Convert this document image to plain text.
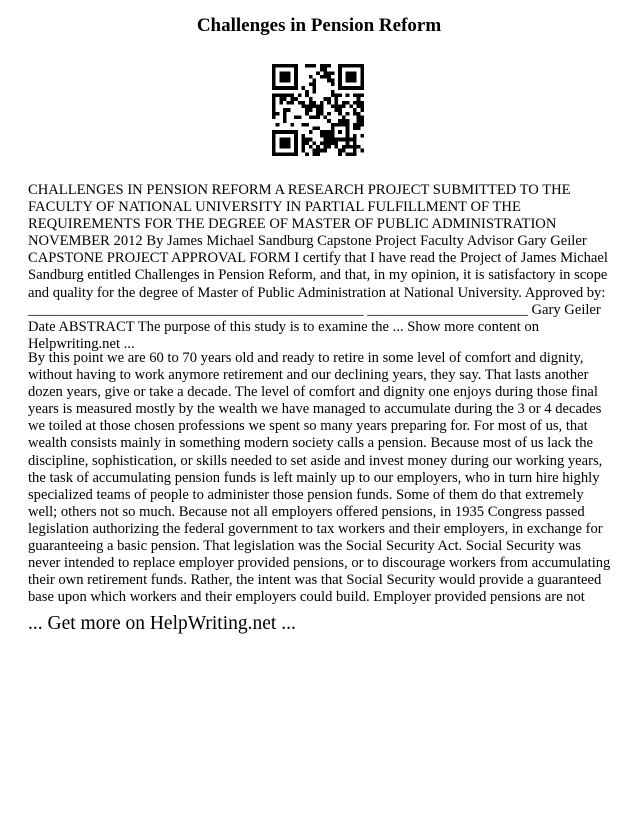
Challenges in Pension Reform

CHALLENGES IN PENSION REFORM A RESEARCH PROJECT SUBMITTED TO THE FACULTY OF NATIONAL UNIVERSITY IN PARTIAL FULFILLMENT OF THE REQUIREMENTS FOR THE DEGREE OF MASTER OF PUBLIC ADMINISTRATION NOVEMBER 2012 By James Michael Sandburg Capstone Project Faculty Advisor Gary Geiler CAPSTONE PROJECT APPROVAL FORM I certify that I have read the Project of James Michael Sandburg entitled Challenges in Pension Reform, and that, in my opinion, it is satisfactory in scope and quality for the degree of Master of Public Administration at National University. Approved by: ______________________________________________ ______________________ Gary Geiler Date ABSTRACT The purpose of this study is to examine the ... Show more content on Helpwriting.net ...

By this point we are 60 to 70 years old and ready to retire in some level of comfort and dignity, without having to work anymore retirement and our declining years, they say. That lasts another dozen years, give or take a decade. The level of comfort and dignity one enjoys during those final years is measured mostly by the wealth we have managed to accumulate during the 3 or 4 decades we toiled at those chosen professions we spent so many years preparing for. For most of us, that wealth consists mainly in something modern society calls a pension. Because most of us lack the discipline, sophistication, or skills needed to set aside and invest money during our working years, the task of accumulating pension funds is left mainly up to our employers, who in turn hire highly specialized teams of people to administer those pension funds. Some of them do that extremely well; others not so much. Because not all employers offered pensions, in 1935 Congress passed legislation authorizing the federal government to tax workers and their employers, in exchange for guaranteeing a basic pension. That legislation was the Social Security Act. Social Security was never intended to replace employer provided pensions, or to discourage workers from accumulating their own retirement funds. Rather, the intent was that Social Security would provide a guaranteed base upon which workers and their employers could build. Employer provided pensions are not

... Get more on HelpWriting.net ...
